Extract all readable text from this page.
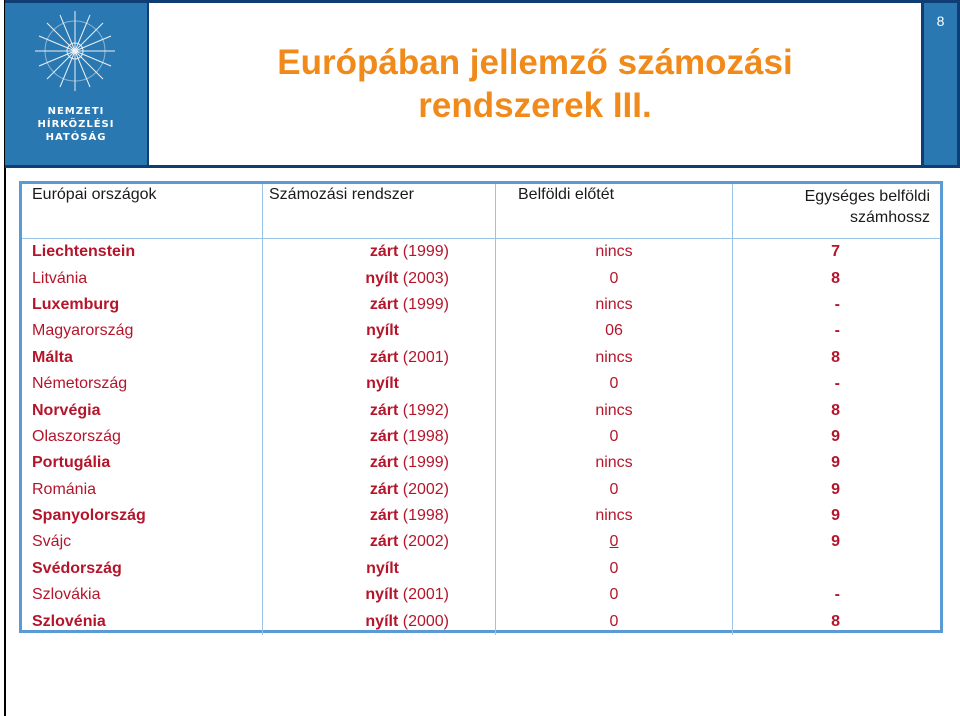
NEMZETI
HÍRKÖZLÉSI
HATÓSÁG
Európában jellemző számozási
rendszerek III.
8
Európai országok	Számozási rendszer	Belföldi előtét	Egységes belföldi számhossz
Liechtenstein	zárt (1999)	nincs	7
Litvánia	nyílt (2003)	0	8
Luxemburg	zárt (1999)	nincs	-
Magyarország	nyílt	06	-
Málta	zárt (2001)	nincs	8
Németország	nyílt	0	-
Norvégia	zárt (1992)	nincs	8
Olaszország	zárt (1998)	0	9
Portugália	zárt (1999)	nincs	9
Románia	zárt (2002)	0	9
Spanyolország	zárt (1998)	nincs	9
Svájc	zárt (2002)	0	9
Svédország	nyílt	0	
Szlovákia	nyílt (2001)	0	-
Szlovénia	nyílt (2000)	0	8
